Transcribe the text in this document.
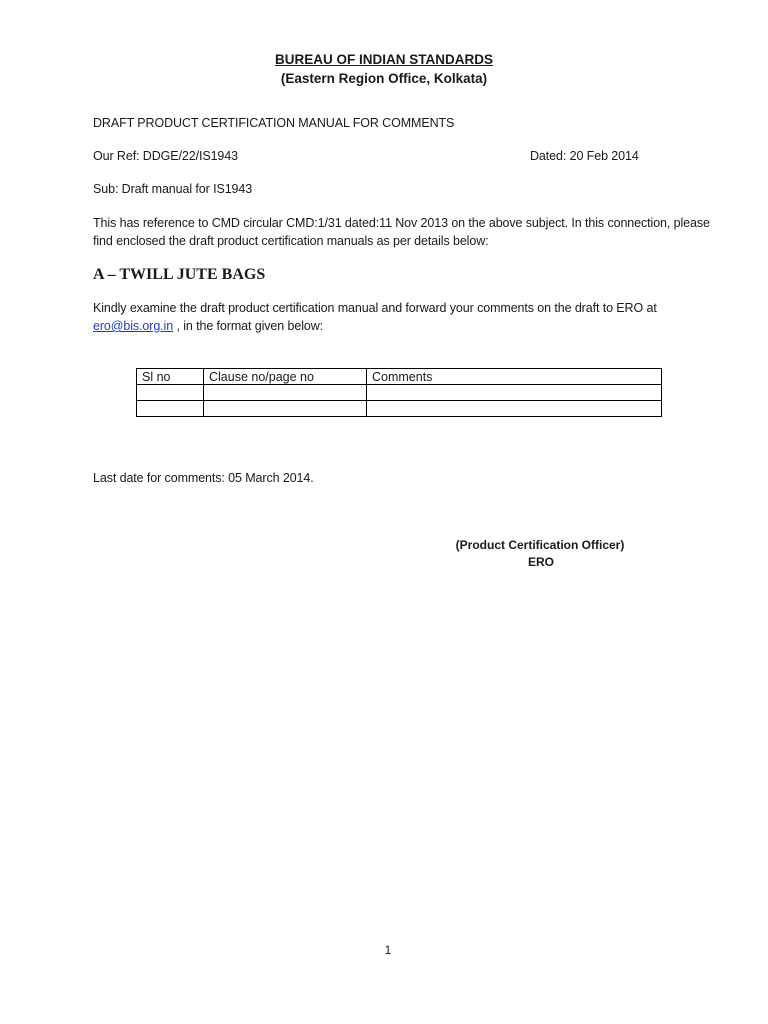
BUREAU OF INDIAN STANDARDS
(Eastern Region Office, Kolkata)
DRAFT PRODUCT CERTIFICATION MANUAL FOR COMMENTS
Our Ref: DDGE/22/IS1943	Dated: 20 Feb 2014
Sub: Draft manual for IS1943
This has reference to CMD circular CMD:1/31 dated:11 Nov 2013 on the above subject. In this connection, please
find enclosed the draft product certification manuals as per details below:
A – TWILL JUTE BAGS
Kindly examine the draft product certification manual and forward your comments on the draft to ERO at
ero@bis.org.in , in the format given below:
Sl no	Clause no/page no	Comments

Last date for comments: 05 March 2014.
(Product Certification Officer)
ERO
1
